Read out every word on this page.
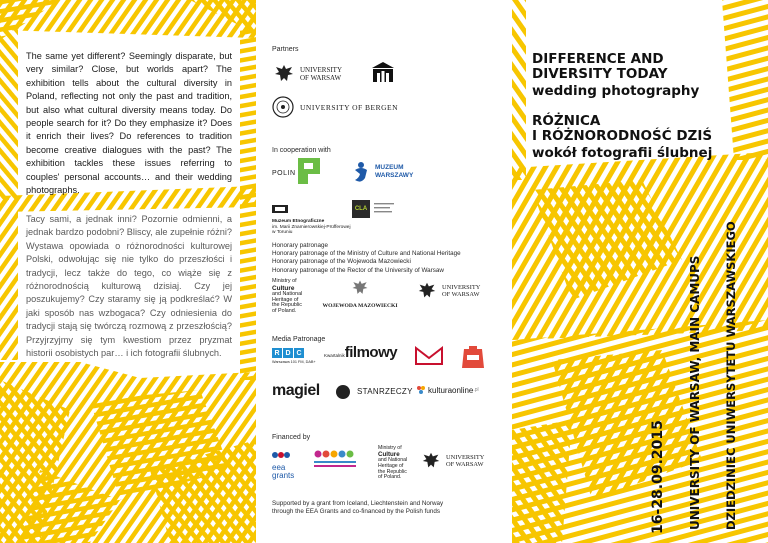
The same yet different? Seemingly disparate, but very similar? Close, but worlds apart? The exhibition tells about the cultural diversity in Poland, reflecting not only the past and tradition, but also what cultural diversity means today. Do people search for it? Do they emphasize it? Does it enrich their lives? Do references to tradition become creative dialogues with the past? The exhibition tackles these issues referring to couples' personal accounts… and their wedding photographs.

Tacy sami, a jednak inni? Pozornie odmienni, a jednak bardzo podobni? Bliscy, ale zupełnie różni? Wystawa opowiada o różnorodności kulturowej Polski, odwołując się nie tylko do przeszłości i tradycji, lecz także do tego, co wiąże się z różnorodnością kulturową dzisiaj. Czy jej poszukujemy? Czy staramy się ją podkreślać? W jaki sposób nas wzbogaca? Czy odniesienia do tradycji stają się twórczą rozmową z przeszłością? Przyjrzyjmy się tym kwestiom przez pryzmat historii osobistych par… i ich fotografii ślubnych.

Partners
UNIVERSITY
OF WARSAW
UNIVERSITY OF BERGEN
In cooperation with
POLIN
MUZEUM
WARSZAWY
Muzeum Etnograficzne
im. Marii Znamierowskiej-Prüfferowej
w Toruniu
CLA
Honorary patronage
Honorary patronage of the Ministry of Culture and National Heritage
Honorary patronage of the Wojewoda Mazowiecki
Honorary patronage of the Rector of the University of Warsaw
Ministry of
Culture
and National
Heritage of
the Republic
of Poland.
WOJEWODA MAZOWIECKI
UNIVERSITY
OF WARSAW
Media Patronage
R D C
Warszawa 101 FM, DAB+
Kwartalnik filmowy
magiel	STANRZECZY kulturaonline .pl
Financed by
eea
grants
Ministry of
Culture
and National
Heritage of
the Republic
of Poland.
UNIVERSITY
OF WARSAW
Supported by a grant from Iceland, Liechtenstein and Norway
through the EEA Grants and co-financed by the Polish funds
DIFFERENCE AND
DIVERSITY TODAY
wedding photography
RÓŻNICA
I RÓŻNORODNOŚĆ DZIŚ
wokół fotografii ślubnej
16-28.09.2015 UNIVERSITY OF WARSAW, MAIN CAMUPS DZIEDZINIEC UNIWERSYTETU WARSZAWSKIEGO
